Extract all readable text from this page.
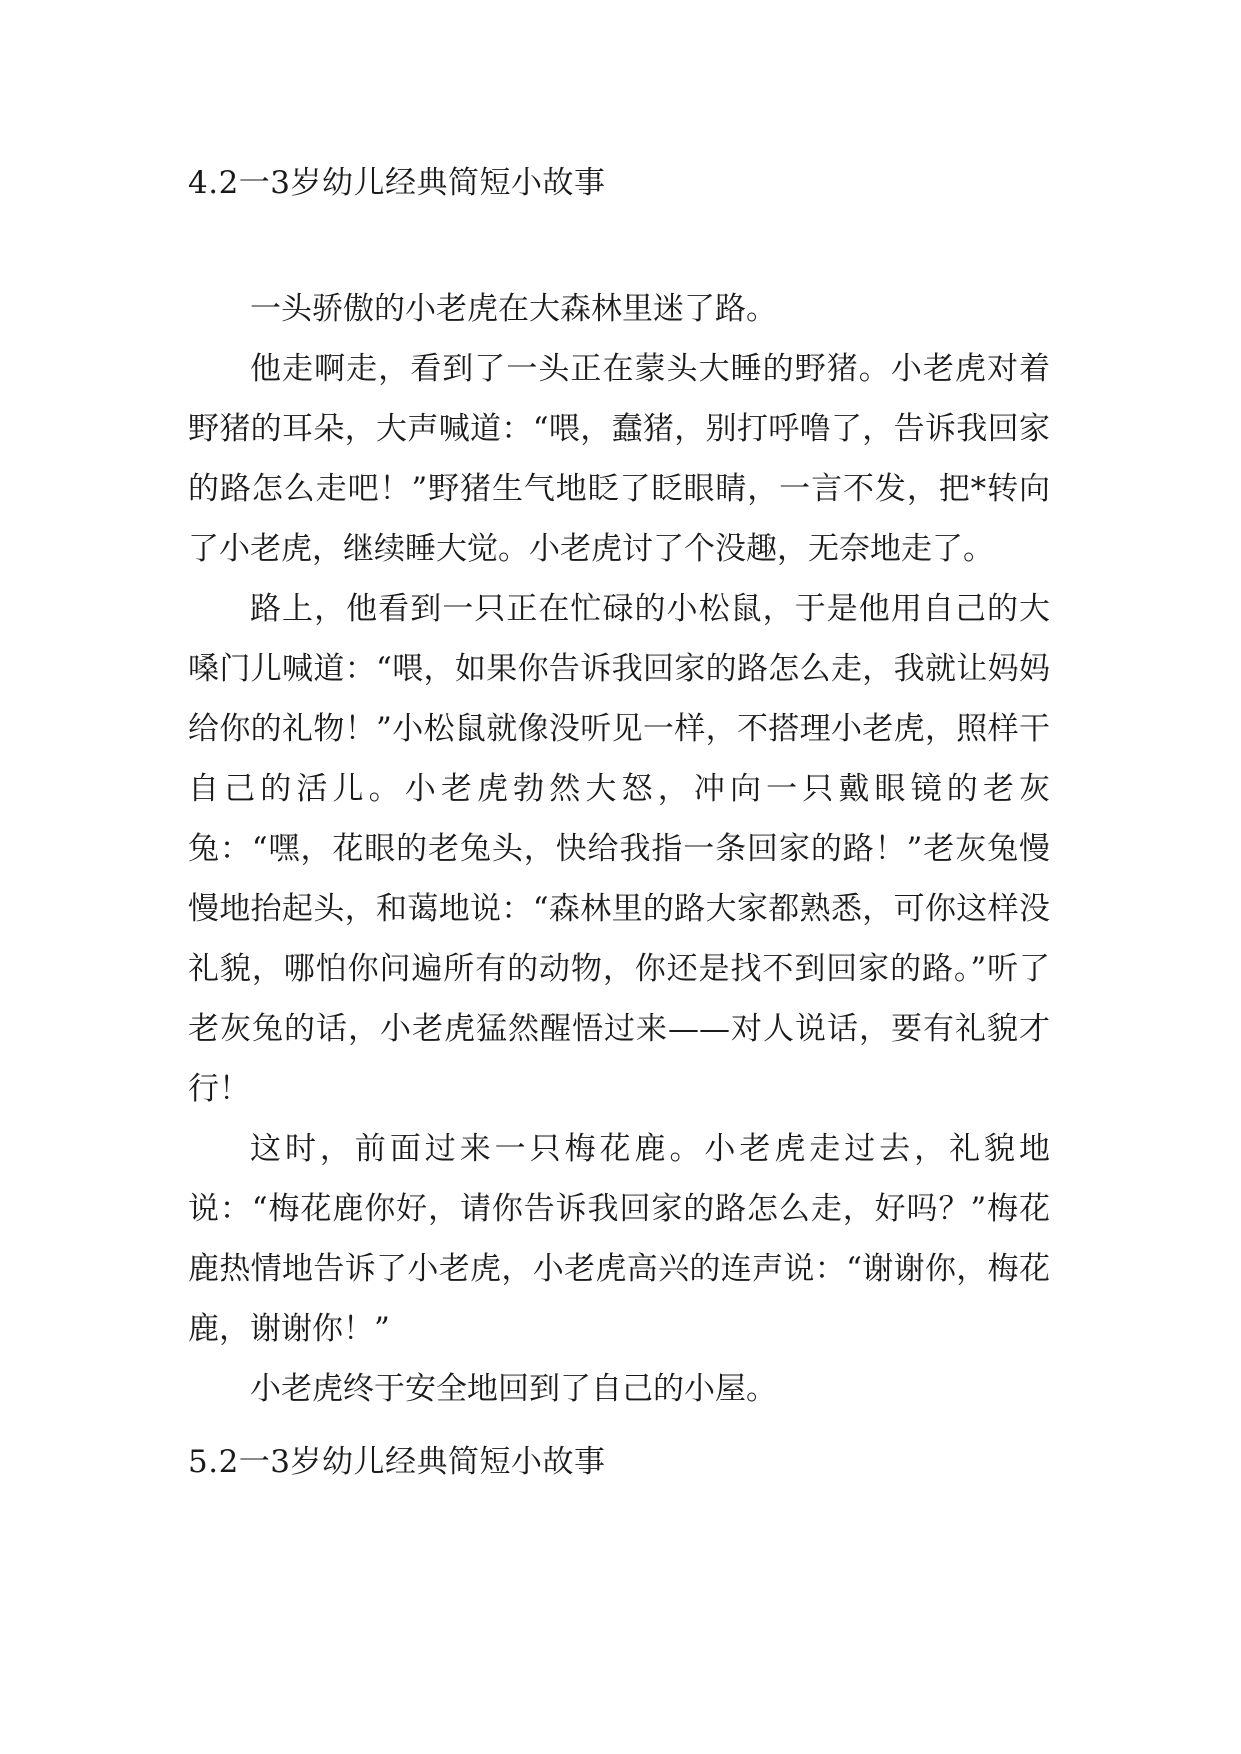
4.2一3岁幼儿经典简短小故事

一头骄傲的小老虎在大森林里迷了路。

他走啊走，看到了一头正在蒙头大睡的野猪。小老虎对着野猪的耳朵，大声喊道：“喂，蠢猪，别打呼噜了，告诉我回家的路怎么走吧！”野猪生气地眨了眨眼睛，一言不发，把*转向了小老虎，继续睡大觉。小老虎讨了个没趣，无奈地走了。

路上，他看到一只正在忙碌的小松鼠，于是他用自己的大嗓门儿喊道：“喂，如果你告诉我回家的路怎么走，我就让妈妈给你的礼物！”小松鼠就像没听见一样，不搭理小老虎，照样干自己的活儿。小老虎勃然大怒，冲向一只戴眼镜的老灰兔：“嘿，花眼的老兔头，快给我指一条回家的路！”老灰兔慢慢地抬起头，和蔼地说：“森林里的路大家都熟悉，可你这样没礼貌，哪怕你问遍所有的动物，你还是找不到回家的路。”听了老灰兔的话，小老虎猛然醒悟过来——对人说话，要有礼貌才行！

这时，前面过来一只梅花鹿。小老虎走过去，礼貌地说：“梅花鹿你好，请你告诉我回家的路怎么走，好吗？”梅花鹿热情地告诉了小老虎，小老虎高兴的连声说：“谢谢你，梅花鹿，谢谢你！”

小老虎终于安全地回到了自己的小屋。

5.2一3岁幼儿经典简短小故事
